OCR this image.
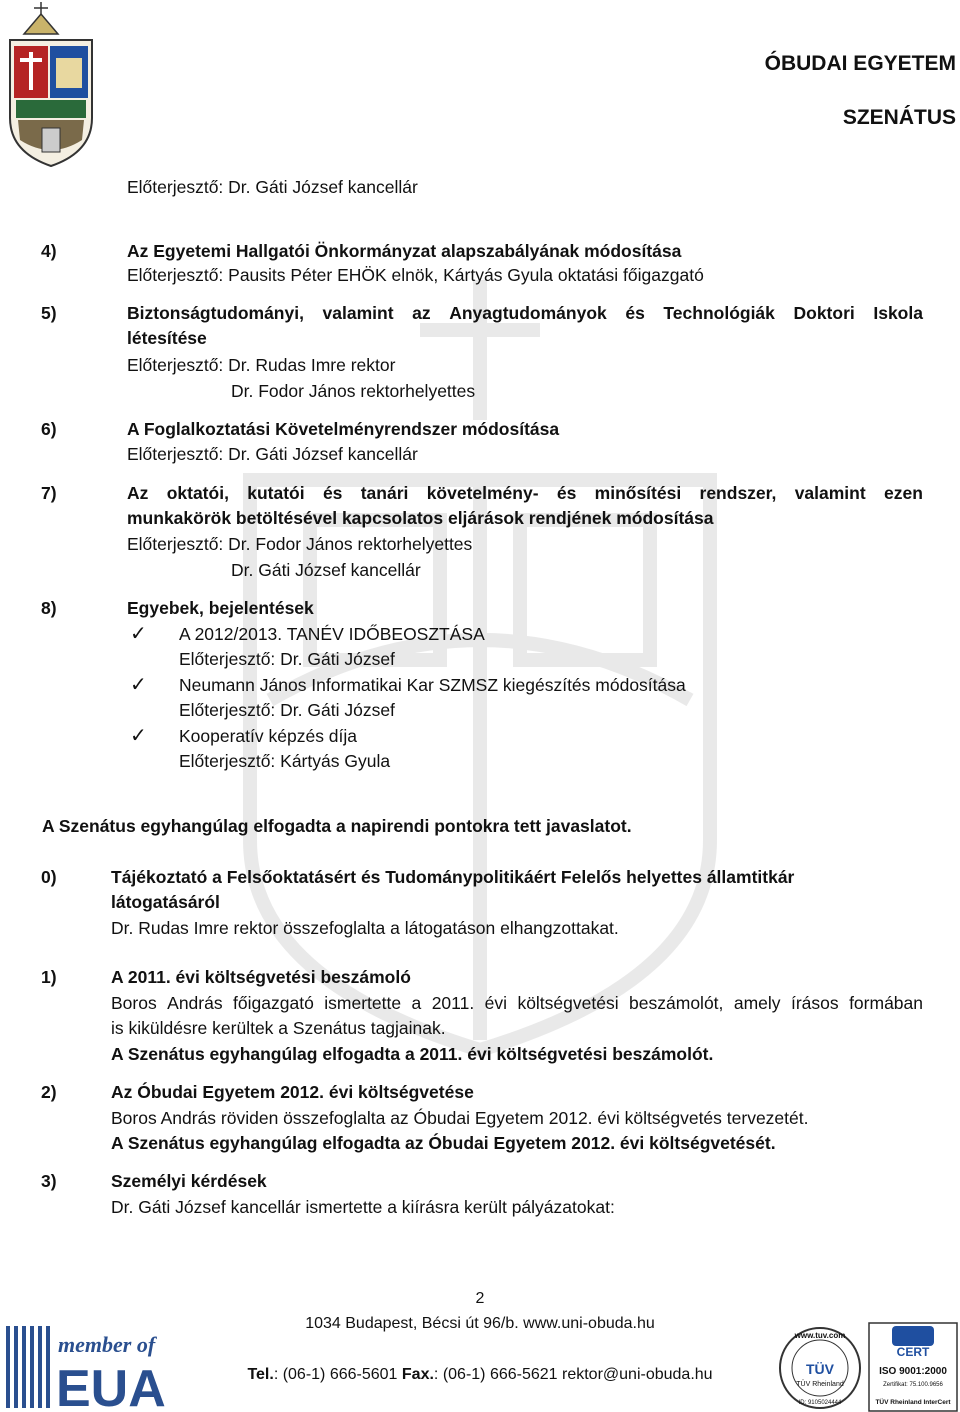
ÓBUDAI EGYETEM
SZENÁTUS
Előterjesztő: Dr. Gáti József kancellár
4)	Az Egyetemi Hallgatói Önkormányzat alapszabályának módosítása
Előterjesztő: Pausits Péter EHÖK elnök, Kártyás Gyula oktatási főigazgató
5)	Biztonságtudományi, valamint az Anyagtudományok és Technológiák Doktori Iskola
létesítése
Előterjesztő: Dr. Rudas Imre rektor
Dr. Fodor János rektorhelyettes
6)	A Foglalkoztatási Követelményrendszer módosítása
Előterjesztő: Dr. Gáti József kancellár
7)	Az oktatói, kutatói és tanári követelmény- és minősítési rendszer, valamint ezen
munkakörök betöltésével kapcsolatos eljárások rendjének módosítása
Előterjesztő: Dr. Fodor János rektorhelyettes
Dr. Gáti József kancellár
8)	Egyebek, bejelentések
✓ A 2012/2013. TANÉV IDŐBEOSZTÁSA
Előterjesztő: Dr. Gáti József
✓ Neumann János Informatikai Kar SZMSZ kiegészítés módosítása
Előterjesztő: Dr. Gáti József
✓ Kooperatív képzés díja
Előterjesztő: Kártyás Gyula
A Szenátus egyhangúlag elfogadta a napirendi pontokra tett javaslatot.
0)	Tájékoztató a Felsőoktatásért és Tudománypolitikáért Felelős helyettes államtitkár
látogatásáról
Dr. Rudas Imre rektor összefoglalta a látogatáson elhangzottakat.
1)	A 2011. évi költségvetési beszámoló
Boros András főigazgató ismertette a 2011. évi költségvetési beszámolót, amely írásos formában
is kiküldésre kerültek a Szenátus tagjainak.
A Szenátus egyhangúlag elfogadta a 2011. évi költségvetési beszámolót.
2)	Az Óbudai Egyetem 2012. évi költségvetése
Boros András röviden összefoglalta az Óbudai Egyetem 2012. évi költségvetés tervezetét.
A Szenátus egyhangúlag elfogadta az Óbudai Egyetem 2012. évi költségvetését.
3)	Személyi kérdések
Dr. Gáti József kancellár ismertette a kiírásra került pályázatokat:
2
1034 Budapest, Bécsi út 96/b. www.uni-obuda.hu
Tel.: (06-1) 666-5601 Fax.: (06-1) 666-5621 rektor@uni-obuda.hu
member of
EUA
www.tuv.com
TÜV
TÜV Rheinland
ID: 9105024444
CERT
ISO 9001:2000
Zertifikat: 75.100.9656
TÜV Rheinland InterCert
